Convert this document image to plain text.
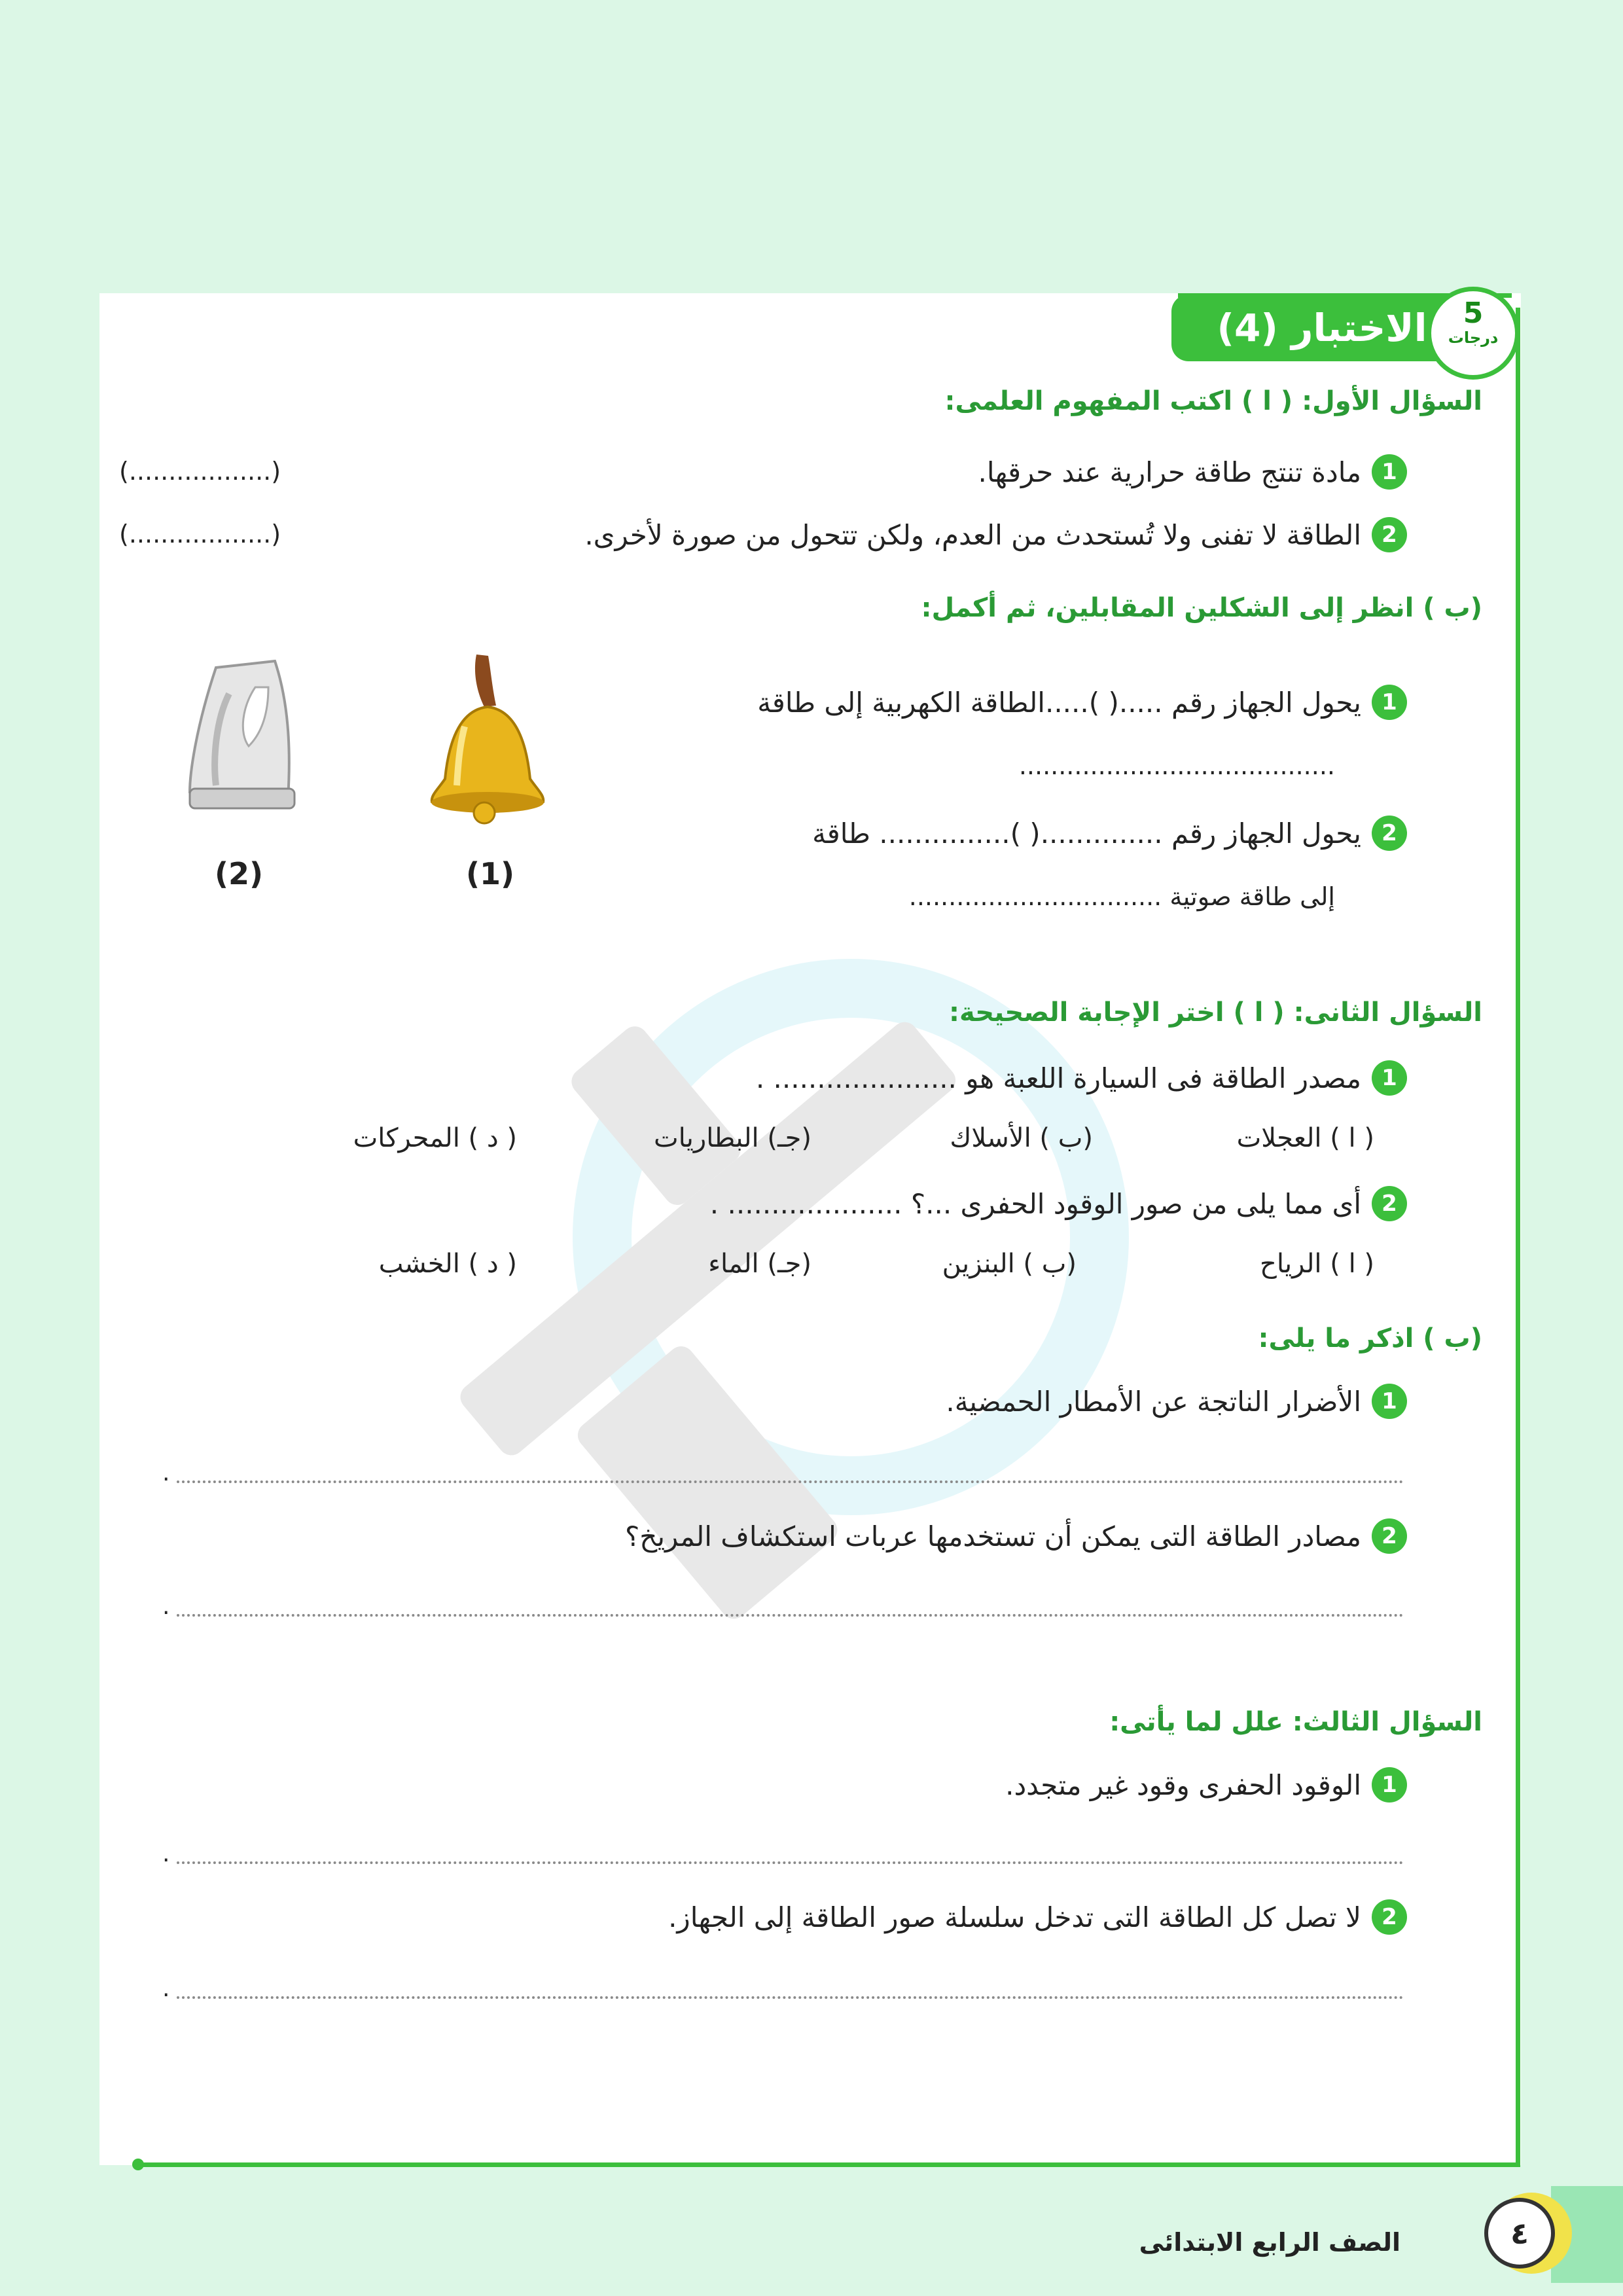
الاختبار (4)	5
درجات
السؤال الأول: ( ا ) اكتب المفهوم العلمى:
1
مادة تنتج طاقة حرارية عند حرقها.
(..................)
2
الطاقة لا تفنى ولا تُستحدث من العدم، ولكن تتحول من صورة لأخرى.
(..................)
(ب ) انظر إلى الشكلين المقابلين، ثم أكمل:
1
يحول الجهاز رقم .....( ).....الطاقة الكهربية إلى طاقة
........................................
2
يحول الجهاز رقم ..............( )............... طاقة
إلى طاقة صوتية ................................
(2)	(1)
السؤال الثانى: ( ا ) اختر الإجابة الصحيحة:
1
مصدر الطاقة فى السيارة اللعبة هو ..................... .
( ا ) العجلات
(ب ) الأسلاك
(جـ) البطاريات
( د ) المحركات
2
أى مما يلى من صور الوقود الحفرى ...؟ .................... .
( ا ) الرياح
(ب ) البنزين
(جـ) الماء
( د ) الخشب
(ب ) اذكر ما يلى:
1
الأضرار الناتجة عن الأمطار الحمضية.
.
2
مصادر الطاقة التى يمكن أن تستخدمها عربات استكشاف المريخ؟
.
السؤال الثالث: علل لما يأتى:
1
الوقود الحفرى وقود غير متجدد.
.
2
لا تصل كل الطاقة التى تدخل سلسلة صور الطاقة إلى الجهاز.
.
٤
الصف الرابع الابتدائى
